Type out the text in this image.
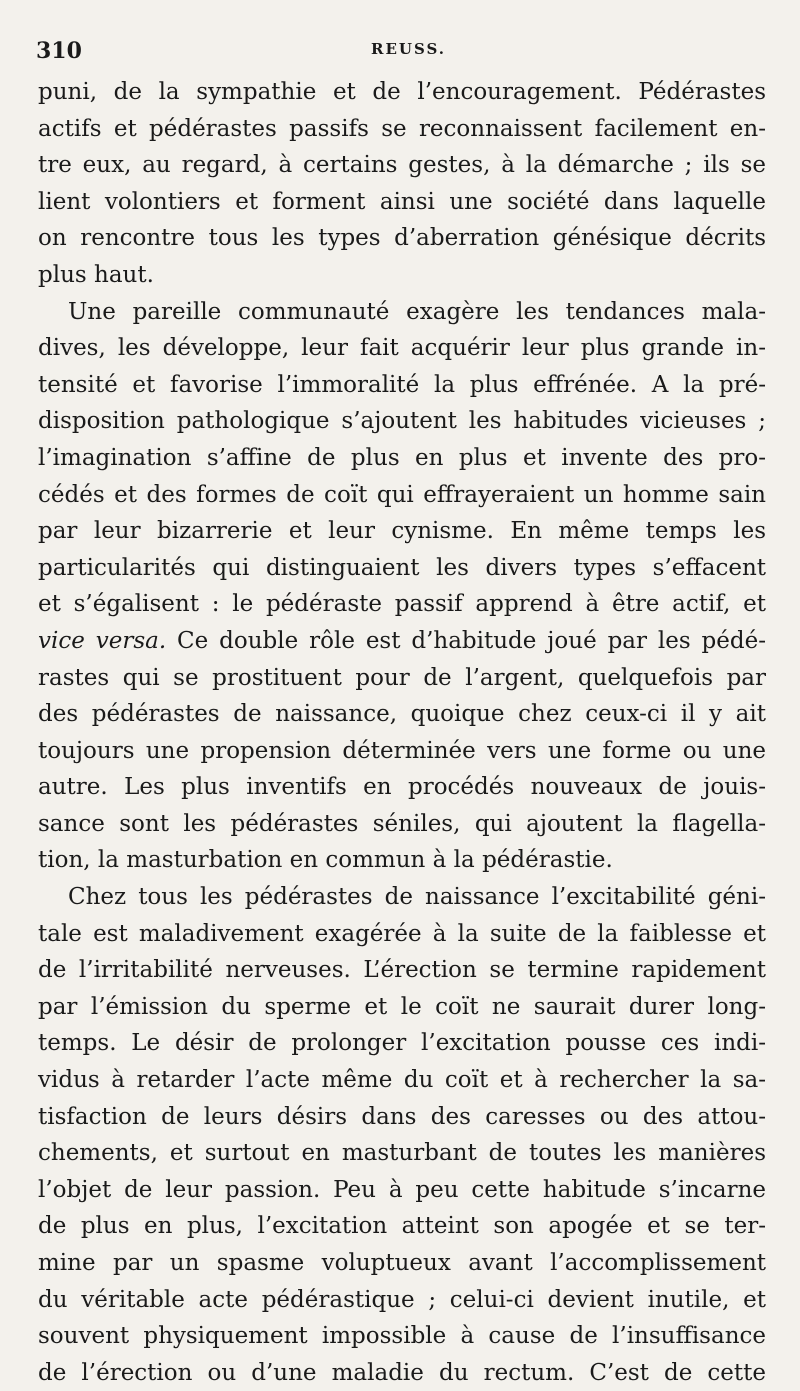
310	REUSS.
puni, de la sympathie et de l’encouragement. Pédérastes
actifs et pédérastes passifs se reconnaissent facilement en-
tre eux, au regard, à certains gestes, à la démarche ; ils se
lient volontiers et forment ainsi une société dans laquelle
on rencontre tous les types d’aberration génésique décrits
plus haut.
Une pareille communauté exagère les tendances mala-
dives, les développe, leur fait acquérir leur plus grande in-
tensité et favorise l’immoralité la plus effrénée. A la pré-
disposition pathologique s’ajoutent les habitudes vicieuses ;
l’imagination s’affine de plus en plus et invente des pro-
cédés et des formes de coït qui effrayeraient un homme sain
par leur bizarrerie et leur cynisme. En même temps les
particularités qui distinguaient les divers types s’effacent
et s’égalisent : le pédéraste passif apprend à être actif, et
vice versa. Ce double rôle est d’habitude joué par les pédé-
rastes qui se prostituent pour de l’argent, quelquefois par
des pédérastes de naissance, quoique chez ceux-ci il y ait
toujours une propension déterminée vers une forme ou une
autre. Les plus inventifs en procédés nouveaux de jouis-
sance sont les pédérastes séniles, qui ajoutent la flagella-
tion, la masturbation en commun à la pédérastie.
Chez tous les pédérastes de naissance l’excitabilité géni-
tale est maladivement exagérée à la suite de la faiblesse et
de l’irritabilité nerveuses. L’érection se termine rapidement
par l’émission du sperme et le coït ne saurait durer long-
temps. Le désir de prolonger l’excitation pousse ces indi-
vidus à retarder l’acte même du coït et à rechercher la sa-
tisfaction de leurs désirs dans des caresses ou des attou-
chements, et surtout en masturbant de toutes les manières
l’objet de leur passion. Peu à peu cette habitude s’incarne
de plus en plus, l’excitation atteint son apogée et se ter-
mine par un spasme voluptueux avant l’accomplissement
du véritable acte pédérastique ; celui-ci devient inutile, et
souvent physiquement impossible à cause de l’insuffisance
de l’érection ou d’une maladie du rectum. C’est de cette
